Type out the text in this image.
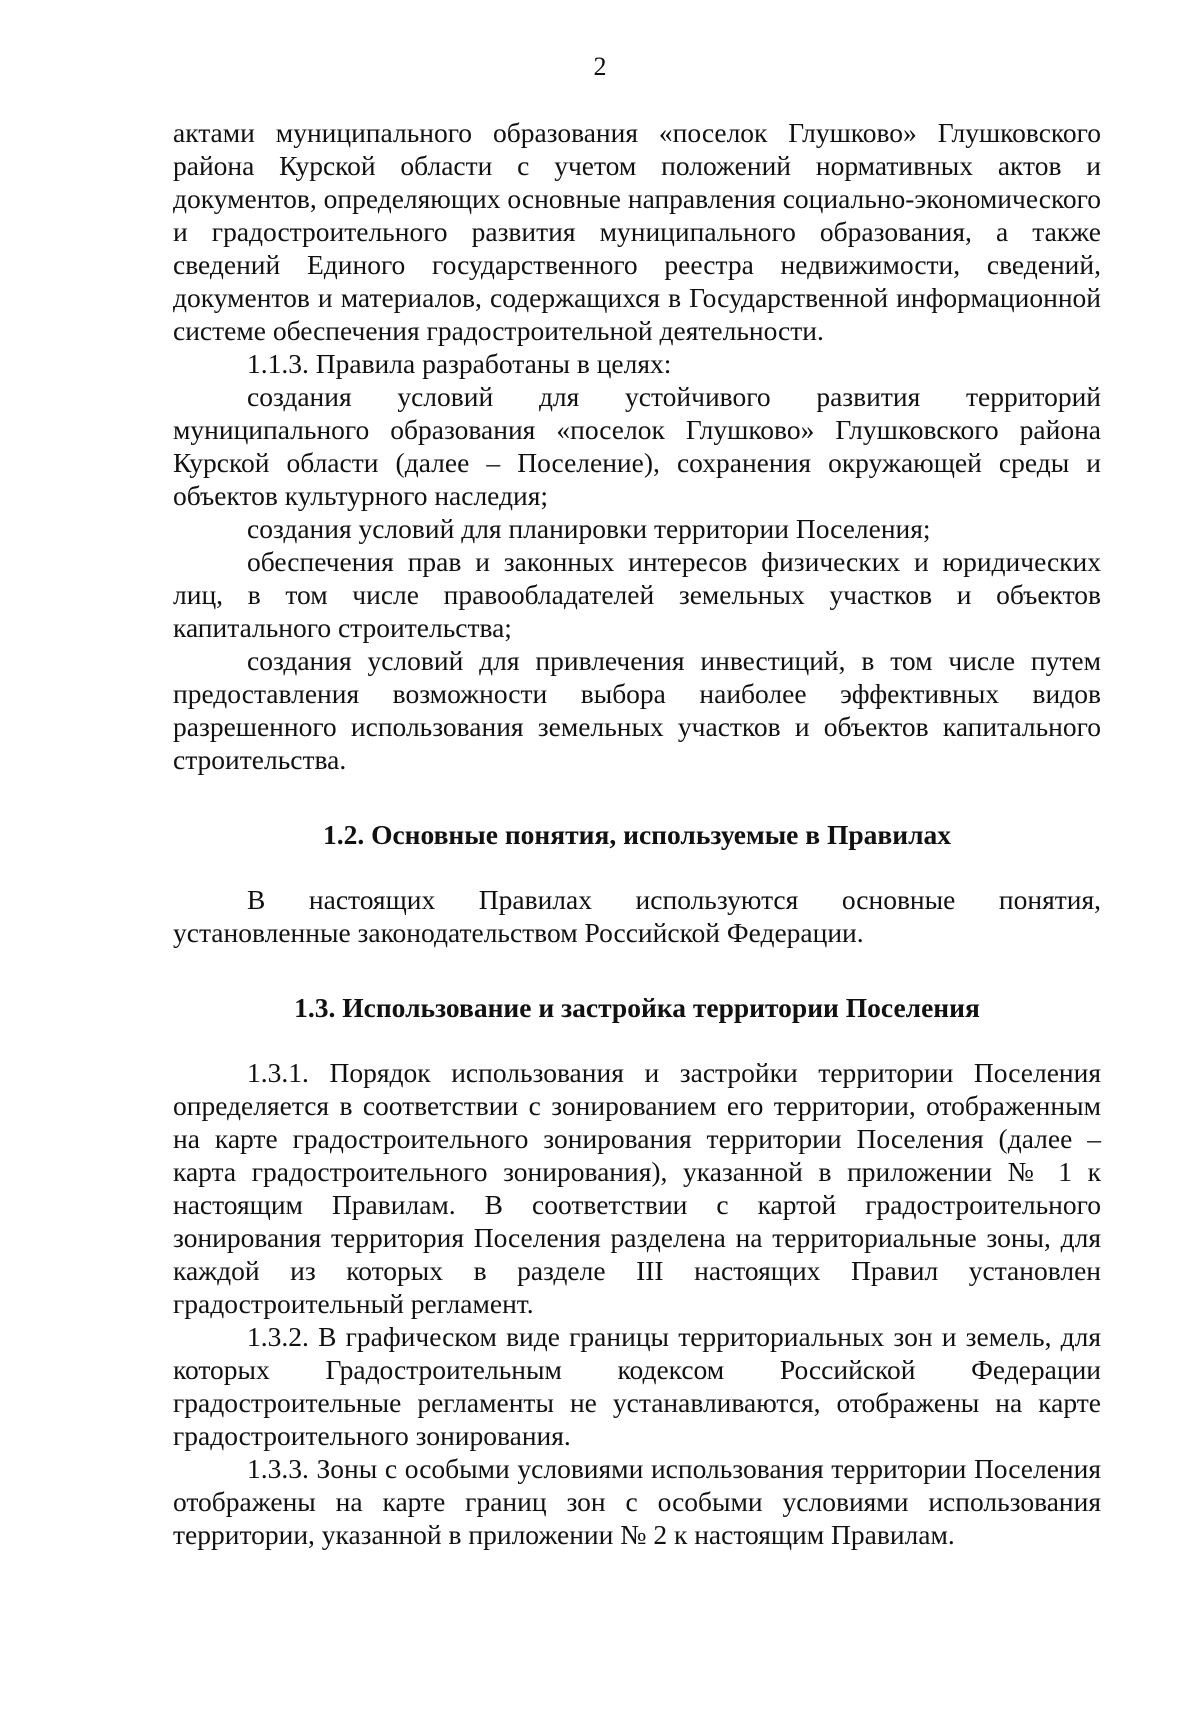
2

актами муниципального образования «поселок Глушково» Глушковского района Курской области с учетом положений нормативных актов и документов, определяющих основные направления социально-экономического и градостроительного развития муниципального образования, а также сведений Единого государственного реестра недвижимости, сведений, документов и материалов, содержащихся в Государственной информационной системе обеспечения градостроительной деятельности.

1.1.3. Правила разработаны в целях:

создания условий для устойчивого развития территорий муниципального образования «поселок Глушково» Глушковского района Курской области (далее – Поселение), сохранения окружающей среды и объектов культурного наследия;

создания условий для планировки территории Поселения;

обеспечения прав и законных интересов физических и юридических лиц, в том числе правообладателей земельных участков и объектов капитального строительства;

создания условий для привлечения инвестиций, в том числе путем предоставления возможности выбора наиболее эффективных видов разрешенного использования земельных участков и объектов капитального строительства.

1.2. Основные понятия, используемые в Правилах

В настоящих Правилах используются основные понятия, установленные законодательством Российской Федерации.

1.3. Использование и застройка территории Поселения

1.3.1. Порядок использования и застройки территории Поселения определяется в соответствии с зонированием его территории, отображенным на карте градостроительного зонирования территории Поселения (далее – карта градостроительного зонирования), указанной в приложении № 1 к настоящим Правилам. В соответствии с картой градостроительного зонирования территория Поселения разделена на территориальные зоны, для каждой из которых в разделе III настоящих Правил установлен градостроительный регламент.

1.3.2. В графическом виде границы территориальных зон и земель, для которых Градостроительным кодексом Российской Федерации градостроительные регламенты не устанавливаются, отображены на карте градостроительного зонирования.

1.3.3. Зоны с особыми условиями использования территории Поселения отображены на карте границ зон с особыми условиями использования территории, указанной в приложении № 2 к настоящим Правилам.
